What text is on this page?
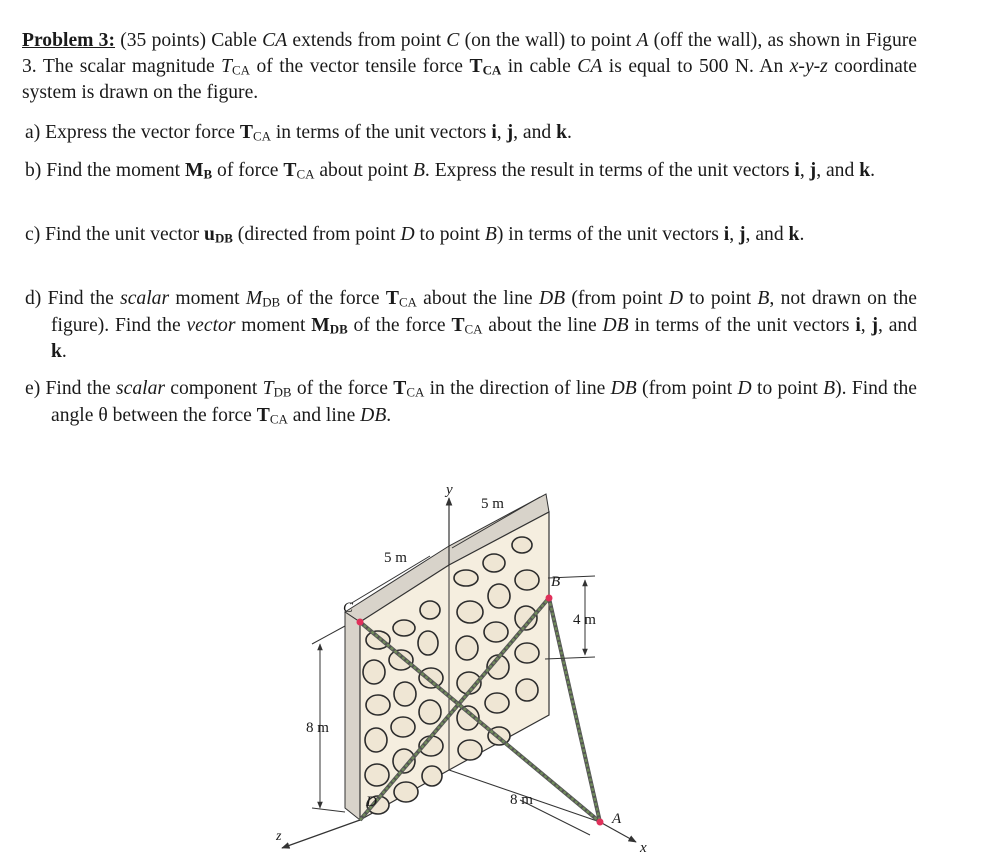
Problem 3: (35 points) Cable CA extends from point C (on the wall) to point A (off the wall), as shown in Figure 3. The scalar magnitude $T_{CA}$ of the vector tensile force $T_{CA}$ in cable CA is equal to 500 N. An x-y-z coordinate system is drawn on the figure.
a) Express the vector force $T_{CA}$ in terms of the unit vectors i, j, and k.
b) Find the moment $M_B$ of force $T_{CA}$ about point B. Express the result in terms of the unit vectors i, j, and k.
c) Find the unit vector $u_{DB}$ (directed from point D to point B) in terms of the unit vectors i, j, and k.
d) Find the scalar moment $M_{DB}$ of the force $T_{CA}$ about the line DB (from point D to point B, not drawn on the figure). Find the vector moment $M_{DB}$ of the force $T_{CA}$ about the line DB in terms of the unit vectors i, j, and k.
e) Find the scalar component $T_{DB}$ of the force $T_{CA}$ in the direction of line DB (from point D to point B). Find the angle θ between the force $T_{CA}$ and line DB.
y
x
z
A
B
C
D
5 m
5 m
8 m
4 m
8 m
